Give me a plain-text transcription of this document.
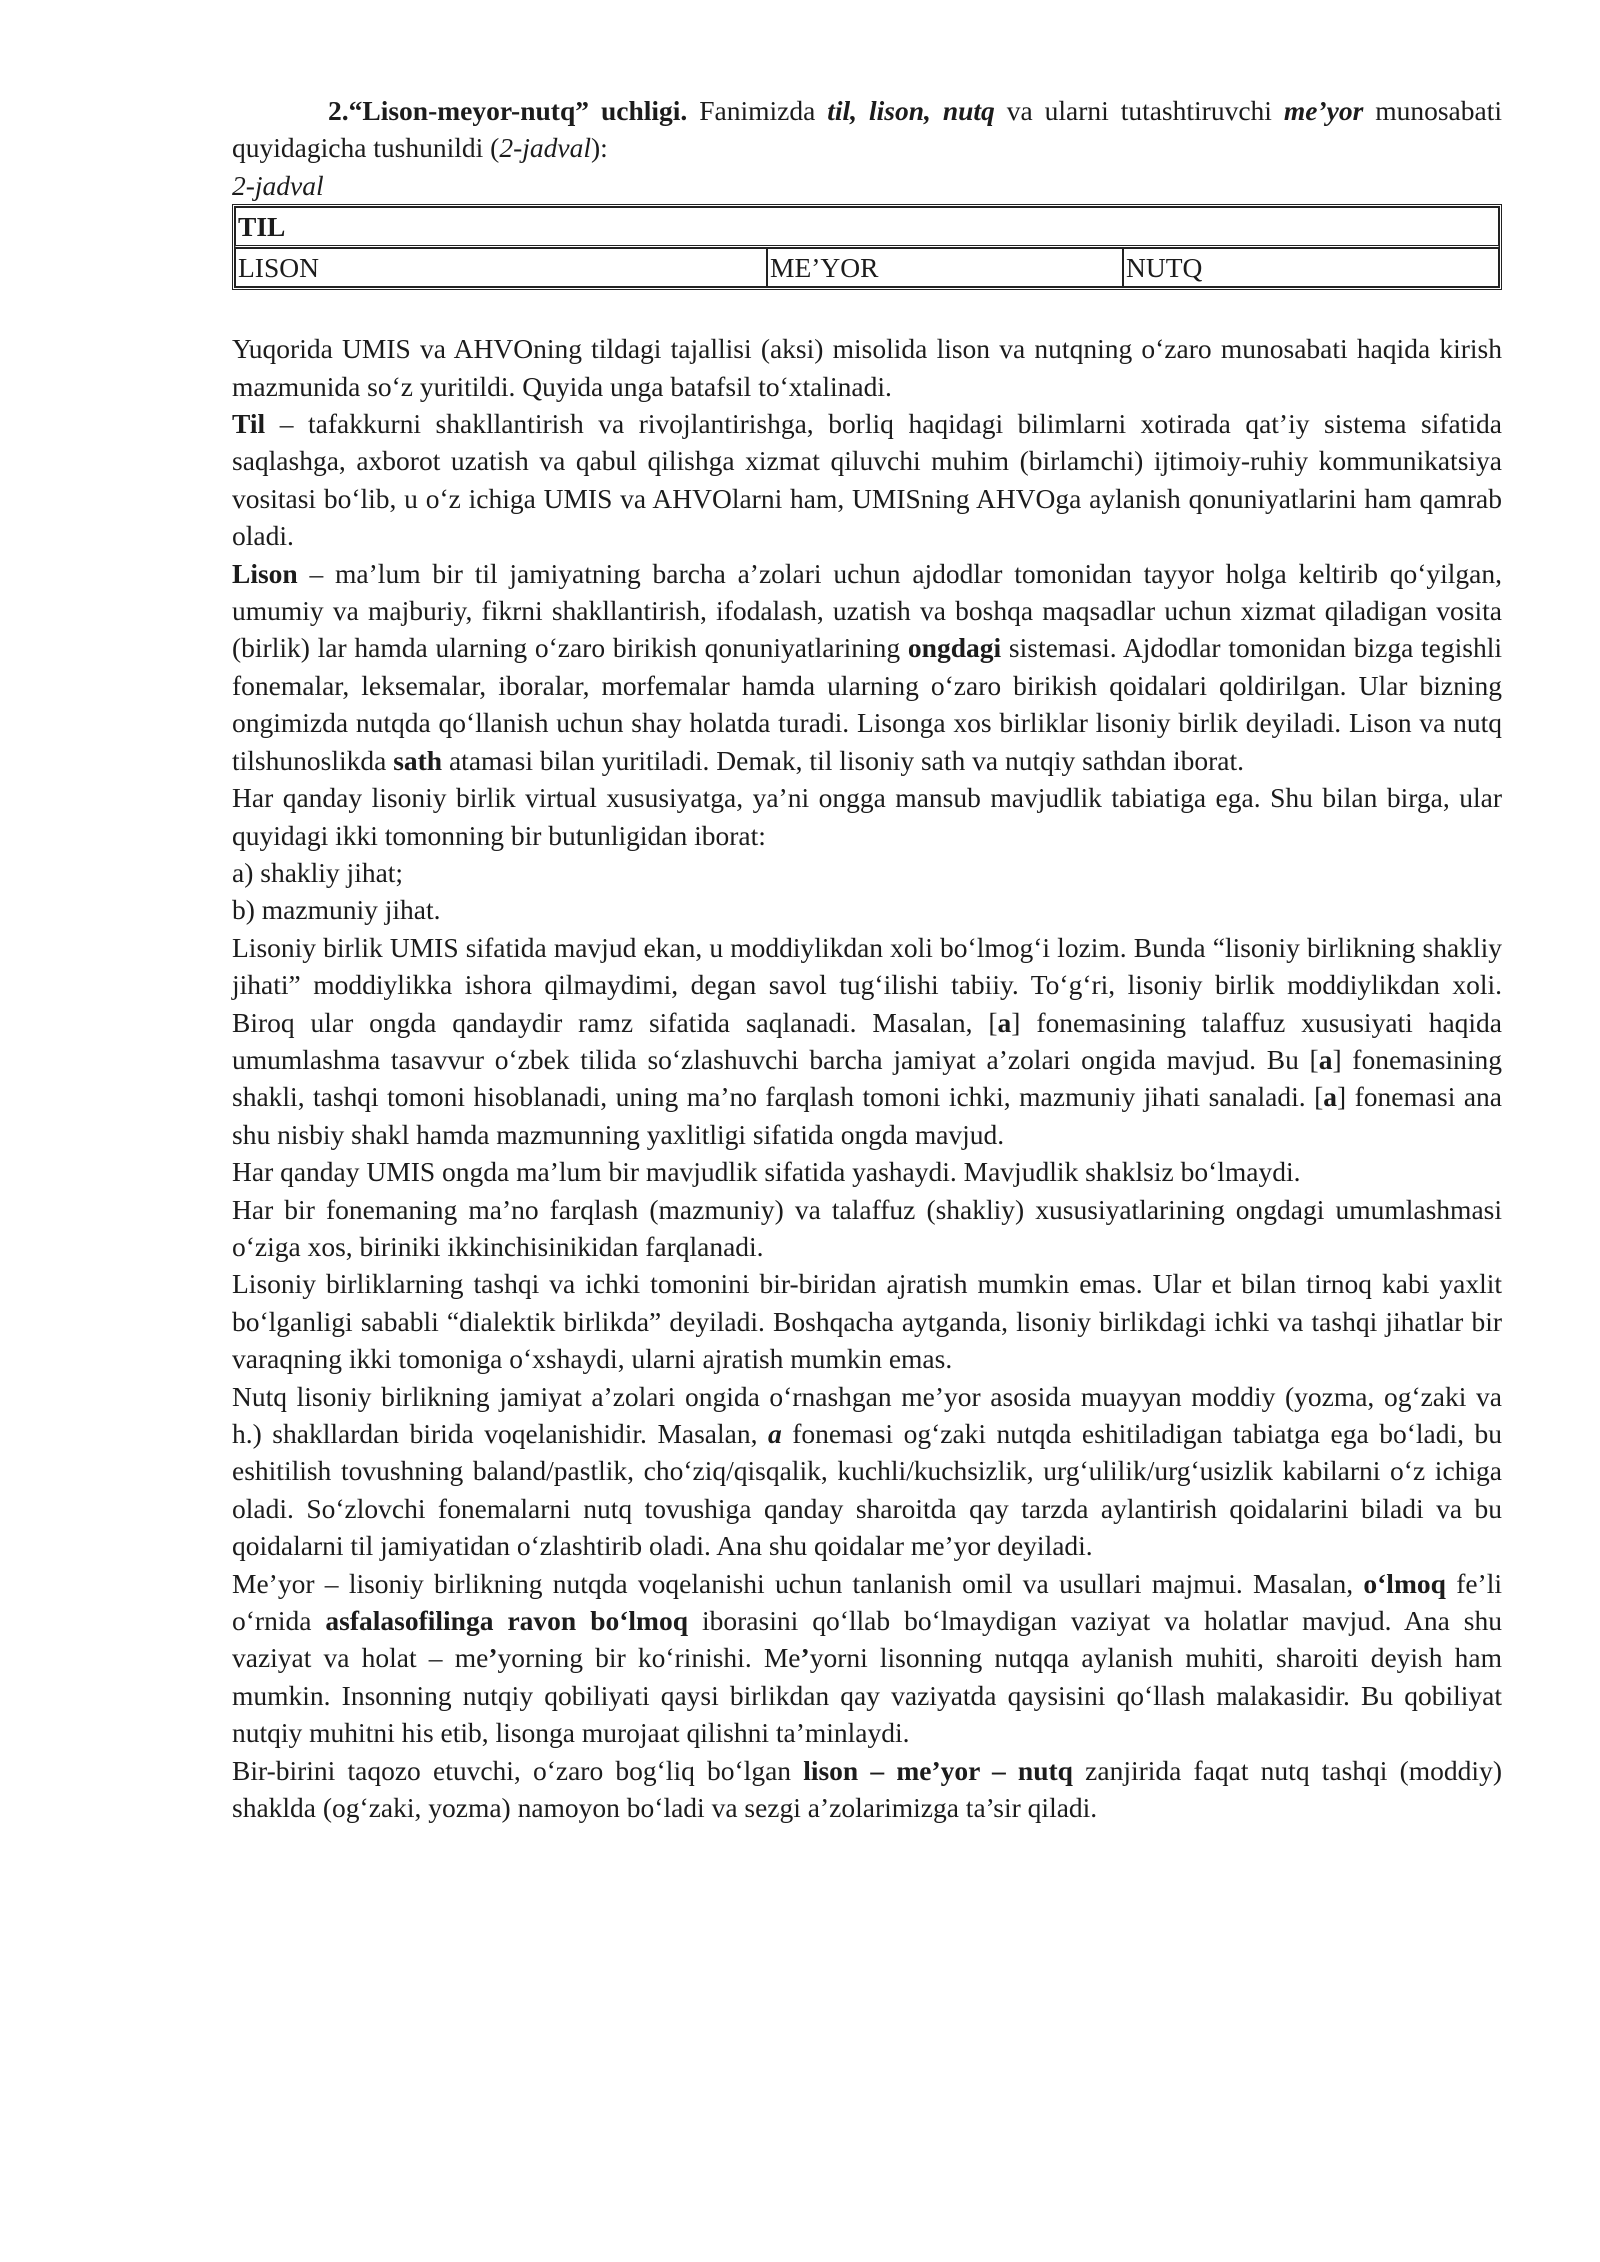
2.“Lison-meyor-nutq” uchligi. Fanimizda til, lison, nutq va ularni tutashtiruvchi me’yor munosabati quyidagicha tushunildi (2-jadval):

2-jadval

TIL
LISON	ME’YOR	NUTQ

Yuqorida UMIS va AHVOning tildagi tajallisi (aksi) misolida lison va nutqning o‘zaro munosabati haqida kirish mazmunida so‘z yuritildi. Quyida unga batafsil to‘xtalinadi.

Til – tafakkurni shakllantirish va rivojlantirishga, borliq haqidagi bilimlarni xotirada qat’iy sistema sifatida saqlashga, axborot uzatish va qabul qilishga xizmat qiluvchi muhim (birlamchi) ijtimoiy-ruhiy kommunikatsiya vositasi bo‘lib, u o‘z ichiga UMIS va AHVOlarni ham, UMISning AHVOga aylanish qonuniyatlarini ham qamrab oladi.

Lison – ma’lum bir til jamiyatning barcha a’zolari uchun ajdodlar tomonidan tayyor holga keltirib qo‘yilgan, umumiy va majburiy, fikrni shakllantirish, ifodalash, uzatish va boshqa maqsadlar uchun xizmat qiladigan vosita (birlik) lar hamda ularning o‘zaro birikish qonuniyatlarining ongdagi sistemasi. Ajdodlar tomonidan bizga tegishli fonemalar, leksemalar, iboralar, morfemalar hamda ularning o‘zaro birikish qoidalari qoldirilgan. Ular bizning ongimizda nutqda qo‘llanish uchun shay holatda turadi. Lisonga xos birliklar lisoniy birlik deyiladi. Lison va nutq tilshunoslikda sath atamasi bilan yuritiladi. Demak, til lisoniy sath va nutqiy sathdan iborat.

Har qanday lisoniy birlik virtual xususiyatga, ya’ni ongga mansub mavjudlik tabiatiga ega. Shu bilan birga, ular quyidagi ikki tomonning bir butunligidan iborat:

a) shakliy jihat;

b) mazmuniy jihat.

Lisoniy birlik UMIS sifatida mavjud ekan, u moddiylikdan xoli bo‘lmog‘i lozim. Bunda “lisoniy birlikning shakliy jihati” moddiylikka ishora qilmaydimi, degan savol tug‘ilishi tabiiy. To‘g‘ri, lisoniy birlik moddiylikdan xoli. Biroq ular ongda qandaydir ramz sifatida saqlanadi. Masalan, [a] fonemasining talaffuz xususiyati haqida umumlashma tasavvur o‘zbek tilida so‘zlashuvchi barcha jamiyat a’zolari ongida mavjud. Bu [a] fonemasining shakli, tashqi tomoni hisoblanadi, uning ma’no farqlash tomoni ichki, mazmuniy jihati sanaladi. [a] fonemasi ana shu nisbiy shakl hamda mazmunning yaxlitligi sifatida ongda mavjud.

Har qanday UMIS ongda ma’lum bir mavjudlik sifatida yashaydi. Mavjudlik shaklsiz bo‘lmaydi.

Har bir fonemaning ma’no farqlash (mazmuniy) va talaffuz (shakliy) xususiyatlarining ongdagi umumlashmasi o‘ziga xos, biriniki ikkinchisinikidan farqlanadi.

Lisoniy birliklarning tashqi va ichki tomonini bir-biridan ajratish mumkin emas. Ular et bilan tirnoq kabi yaxlit bo‘lganligi sababli “dialektik birlikda” deyiladi. Boshqacha aytganda, lisoniy birlikdagi ichki va tashqi jihatlar bir varaqning ikki tomoniga o‘xshaydi, ularni ajratish mumkin emas.

Nutq lisoniy birlikning jamiyat a’zolari ongida o‘rnashgan me’yor asosida muayyan moddiy (yozma, og‘zaki va h.) shakllardan birida voqelanishidir. Masalan, a fonemasi og‘zaki nutqda eshitiladigan tabiatga ega bo‘ladi, bu eshitilish tovushning baland/pastlik, cho‘ziq/qisqalik, kuchli/kuchsizlik, urg‘ulilik/urg‘usizlik kabilarni o‘z ichiga oladi. So‘zlovchi fonemalarni nutq tovushiga qanday sharoitda qay tarzda aylantirish qoidalarini biladi va bu qoidalarni til jamiyatidan o‘zlashtirib oladi. Ana shu qoidalar me’yor deyiladi.

Me’yor – lisoniy birlikning nutqda voqelanishi uchun tanlanish omil va usullari majmui. Masalan, o‘lmoq fe’li o‘rnida asfalasofilinga ravon bo‘lmoq iborasini qo‘llab bo‘lmaydigan vaziyat va holatlar mavjud. Ana shu vaziyat va holat – me’yorning bir ko‘rinishi. Me’yorni lisonning nutqqa aylanish muhiti, sharoiti deyish ham mumkin. Insonning nutqiy qobiliyati qaysi birlikdan qay vaziyatda qaysisini qo‘llash malakasidir. Bu qobiliyat nutqiy muhitni his etib, lisonga murojaat qilishni ta’minlaydi.

Bir-birini taqozo etuvchi, o‘zaro bog‘liq bo‘lgan lison – me’yor – nutq zanjirida faqat nutq tashqi (moddiy) shaklda (og‘zaki, yozma) namoyon bo‘ladi va sezgi a’zolarimizga ta’sir qiladi.
